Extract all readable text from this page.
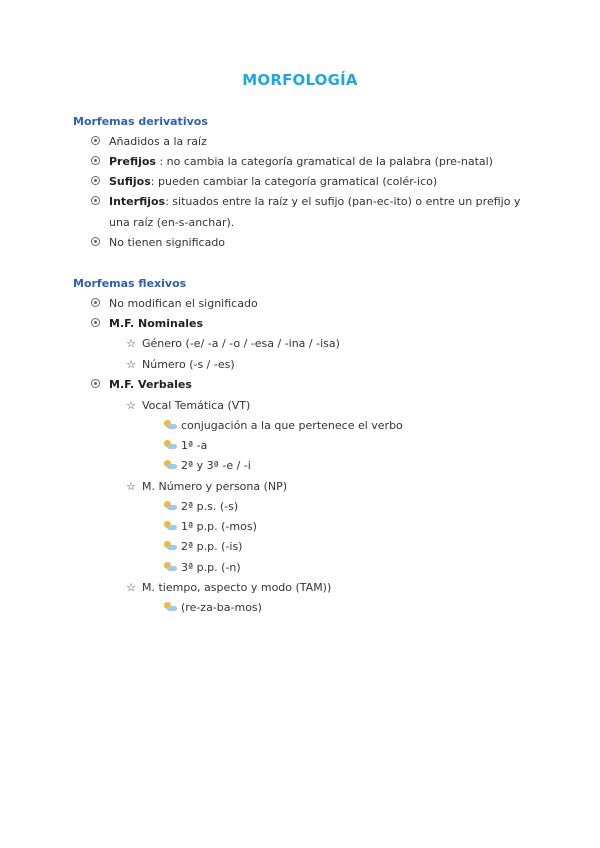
MORFOLOGÍA
Morfemas derivativos
Añadidos a la raíz
Prefijos : no cambia la categoría gramatical de la palabra (pre-natal)
Sufijos: pueden cambiar la categoría gramatical (colér-ico)
Interfijos: situados entre la raíz y el sufijo (pan-ec-ito) o entre un prefijo y
una raíz (en-s-anchar).
No tienen significado
Morfemas flexivos
No modifican el significado
M.F. Nominales
☆ Género (-e/ -a / -o / -esa / -ina / -isa)
☆ Número (-s / -es)
M.F. Verbales
☆ Vocal Temática (VT)
conjugación a la que pertenece el verbo
1ª -a
2ª y 3ª -e / -i
☆ M. Número y persona (NP)
2ª p.s. (-s)
1ª p.p. (-mos)
2ª p.p. (-is)
3ª p.p. (-n)
☆ M. tiempo, aspecto y modo (TAM))
(re-za-ba-mos)
